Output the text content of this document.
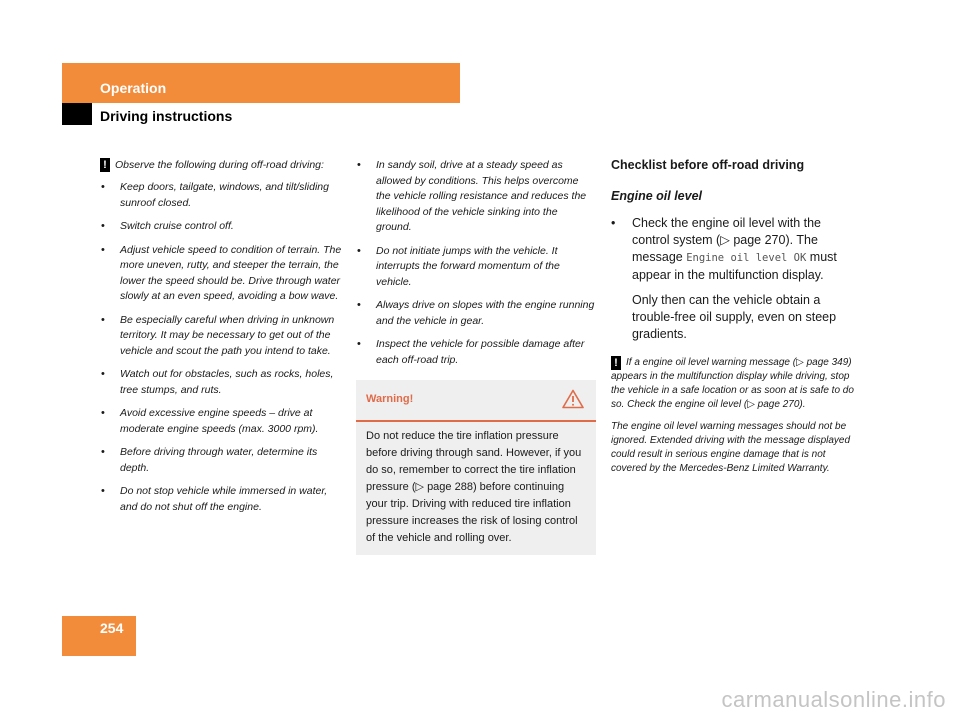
Operation
Driving instructions

! Observe the following during off-road driving:

• Keep doors, tailgate, windows, and tilt/sliding sunroof closed.
• Switch cruise control off.
• Adjust vehicle speed to condition of terrain. The more uneven, rutty, and steeper the terrain, the lower the speed should be. Drive through water slowly at an even speed, avoiding a bow wave.
• Be especially careful when driving in unknown territory. It may be necessary to get out of the vehicle and scout the path you intend to take.
• Watch out for obstacles, such as rocks, holes, tree stumps, and ruts.
• Avoid excessive engine speeds – drive at moderate engine speeds (max. 3000 rpm).
• Before driving through water, determine its depth.
• Do not stop vehicle while immersed in water, and do not shut off the engine.
• In sandy soil, drive at a steady speed as allowed by conditions. This helps overcome the vehicle rolling resistance and reduces the likelihood of the vehicle sinking into the ground.
• Do not initiate jumps with the vehicle. It interrupts the forward momentum of the vehicle.
• Always drive on slopes with the engine running and the vehicle in gear.
• Inspect the vehicle for possible damage after each off-road trip.
Warning!
Do not reduce the tire inflation pressure before driving through sand. However, if you do so, remember to correct the tire inflation pressure (▷ page 288) before continuing your trip. Driving with reduced tire inflation pressure increases the risk of losing control of the vehicle and rolling over.

Checklist before off-road driving

Engine oil level

• Check the engine oil level with the control system (▷ page 270). The message Engine oil level OK must appear in the multifunction display.

Only then can the vehicle obtain a trouble-free oil supply, even on steep gradients.

! If a engine oil level warning message (▷ page 349) appears in the multifunction display while driving, stop the vehicle in a safe location or as soon at is safe to do so. Check the engine oil level (▷ page 270).

The engine oil level warning messages should not be ignored. Extended driving with the message displayed could result in serious engine damage that is not covered by the Mercedes-Benz Limited Warranty.

254
carmanualsonline.info
